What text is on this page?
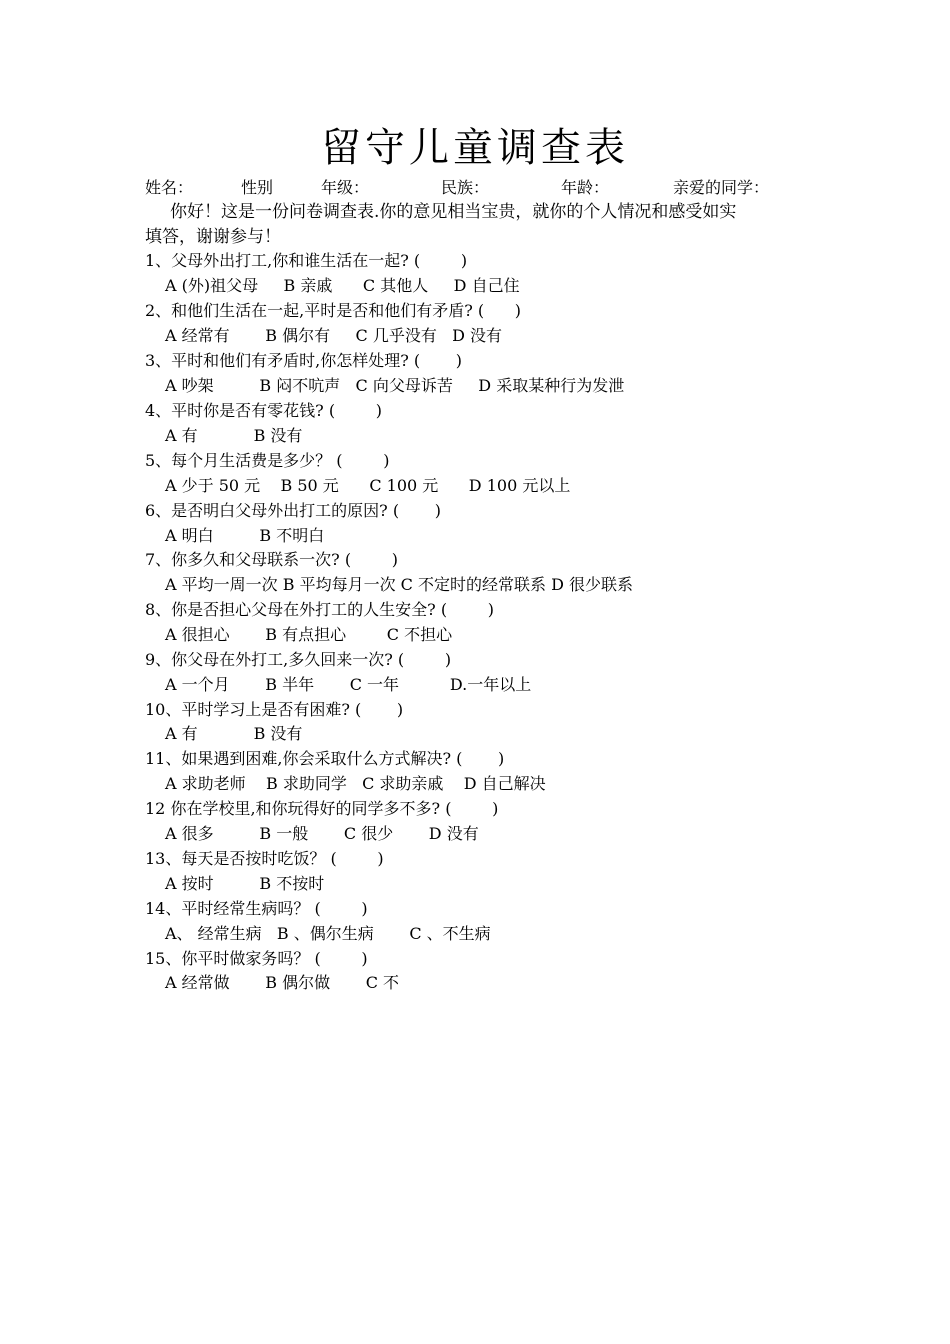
留守儿童调查表

姓名：

	性别

	年级：

	民族：

	年龄：

	亲爱的同学：

你好！这是一份问卷调查表.你的意见相当宝贵，就你的个人情况和感受如实
填答，谢谢参与！
1、父母外出打工,你和谁生活在一起? (        )
A (外)祖父母     B 亲戚      C 其他人     D 自己住
2、和他们生活在一起,平时是否和他们有矛盾? (      )
A 经常有       B 偶尔有     C 几乎没有   D 没有
3、平时和他们有矛盾时,你怎样处理? (       )
A 吵架         B 闷不吭声   C 向父母诉苦     D 采取某种行为发泄
4、平时你是否有零花钱? (        )
A 有           B 没有
5、每个月生活费是多少？ (        )
A 少于 50 元    B 50 元      C 100 元      D 100 元以上
6、是否明白父母外出打工的原因? (       )
A 明白         B 不明白
7、你多久和父母联系一次? (        )
A 平均一周一次 B 平均每月一次 C 不定时的经常联系 D 很少联系
8、你是否担心父母在外打工的人生安全? (        )
A 很担心       B 有点担心        C 不担心
9、你父母在外打工,多久回来一次? (        )
A 一个月       B 半年       C 一年          D.一年以上
10、平时学习上是否有困难? (       )
A 有           B 没有
11、如果遇到困难,你会采取什么方式解决? (       )
A 求助老师    B 求助同学   C 求助亲戚    D 自己解决
12 你在学校里,和你玩得好的同学多不多? (        )
A 很多         B 一般       C 很少       D 没有
13、每天是否按时吃饭？ (        )
A 按时         B 不按时
14、平时经常生病吗？ (        )
A、 经常生病   B 、偶尔生病       C 、不生病
15、你平时做家务吗？ (        )
A 经常做       B 偶尔做       C 不
